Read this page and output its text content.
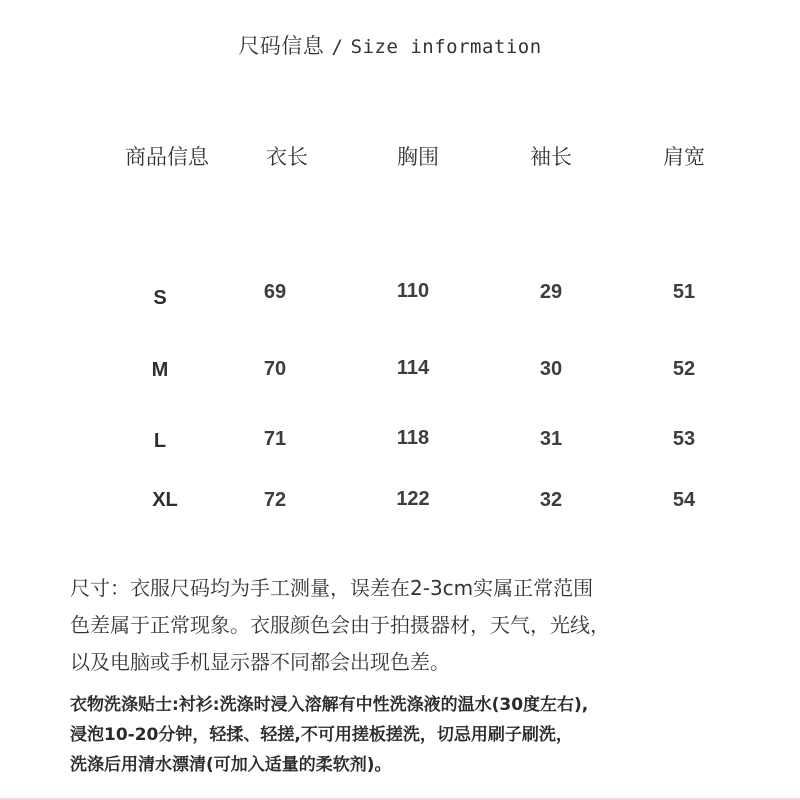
尺码信息 / Size information
商品信息	衣长	胸围	袖长	肩宽
S	69	110	29	51
M	70	114	30	52
L	71	118	31	53
XL	72	122	32	54
尺寸：衣服尺码均为手工测量，误差在2-3cm实属正常范围
色差属于正常现象。衣服颜色会由于拍摄器材，天气，光线，
以及电脑或手机显示器不同都会出现色差。
衣物洗涤贴士:衬衫:洗涤时浸入溶解有中性洗涤液的温水(30度左右),
浸泡10-20分钟，轻揉、轻搓,不可用搓板搓洗，切忌用刷子刷洗，
洗涤后用清水漂清(可加入适量的柔软剂)。
